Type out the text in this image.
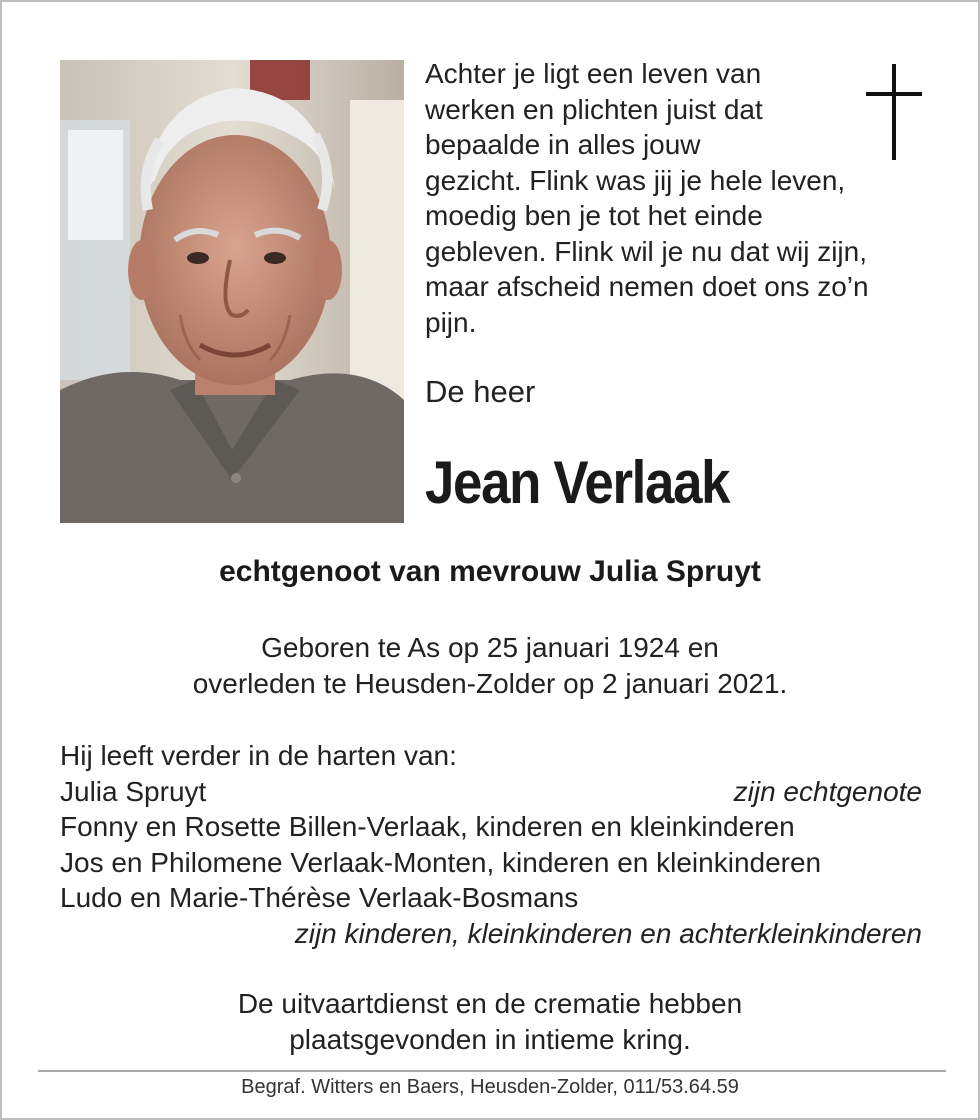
Achter je ligt een leven van
werken en plichten juist dat
bepaalde in alles jouw
gezicht. Flink was jij je hele leven,
moedig ben je tot het einde
gebleven. Flink wil je nu dat wij zijn,
maar afscheid nemen doet ons zo’n
pijn.

De heer

Jean Verlaak

echtgenoot van mevrouw Julia Spruyt

Geboren te As op 25 januari 1924 en
overleden te Heusden-Zolder op 2 januari 2021.

Hij leeft verder in de harten van:
Julia Spruyt	zijn echtgenote
Fonny en Rosette Billen-Verlaak, kinderen en kleinkinderen
Jos en Philomene Verlaak-Monten, kinderen en kleinkinderen
Ludo en Marie-Thérèse Verlaak-Bosmans
zijn kinderen, kleinkinderen en achterkleinkinderen

De uitvaartdienst en de crematie hebben
plaatsgevonden in intieme kring.

Begraf. Witters en Baers, Heusden-Zolder, 011/53.64.59
